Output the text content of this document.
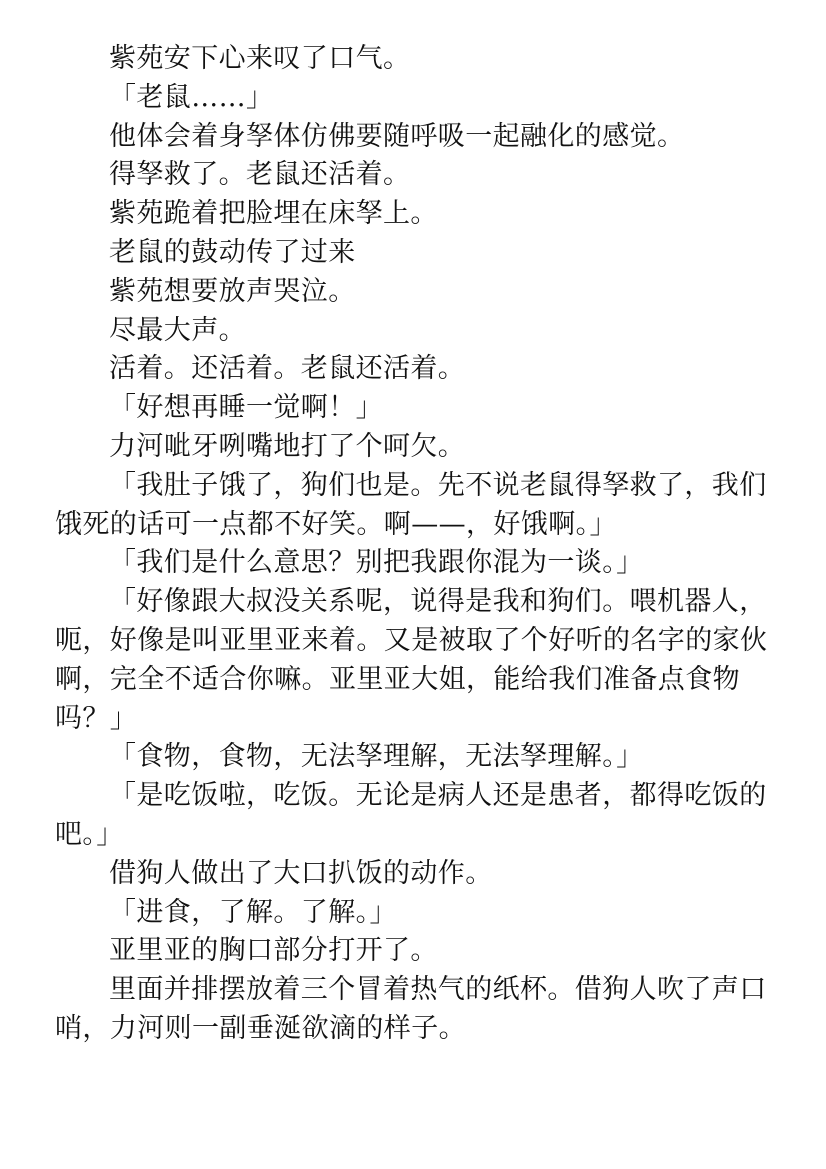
紫苑安下心来叹了口气。

「老鼠……」

他体会着身孥体仿佛要随呼吸一起融化的感觉。

得孥救了。老鼠还活着。

紫苑跪着把脸埋在床孥上。

老鼠的鼓动传了过来

紫苑想要放声哭泣。

尽最大声。

活着。还活着。老鼠还活着。

「好想再睡一觉啊！」

力河呲牙咧嘴地打了个呵欠。

「我肚子饿了，狗们也是。先不说老鼠得孥救了，我们饿死的话可一点都不好笑。啊——，好饿啊。」

「我们是什么意思？别把我跟你混为一谈。」

「好像跟大叔没关系呢，说得是我和狗们。喂机器人，呃，好像是叫亚里亚来着。又是被取了个好听的名字的家伙啊，完全不适合你嘛。亚里亚大姐，能给我们准备点食物吗？」

「食物，食物，无法孥理解，无法孥理解。」

「是吃饭啦，吃饭。无论是病人还是患者，都得吃饭的吧。」

借狗人做出了大口扒饭的动作。

「进食，了解。了解。」

亚里亚的胸口部分打开了。

里面并排摆放着三个冒着热气的纸杯。借狗人吹了声口哨，力河则一副垂涎欲滴的样子。
